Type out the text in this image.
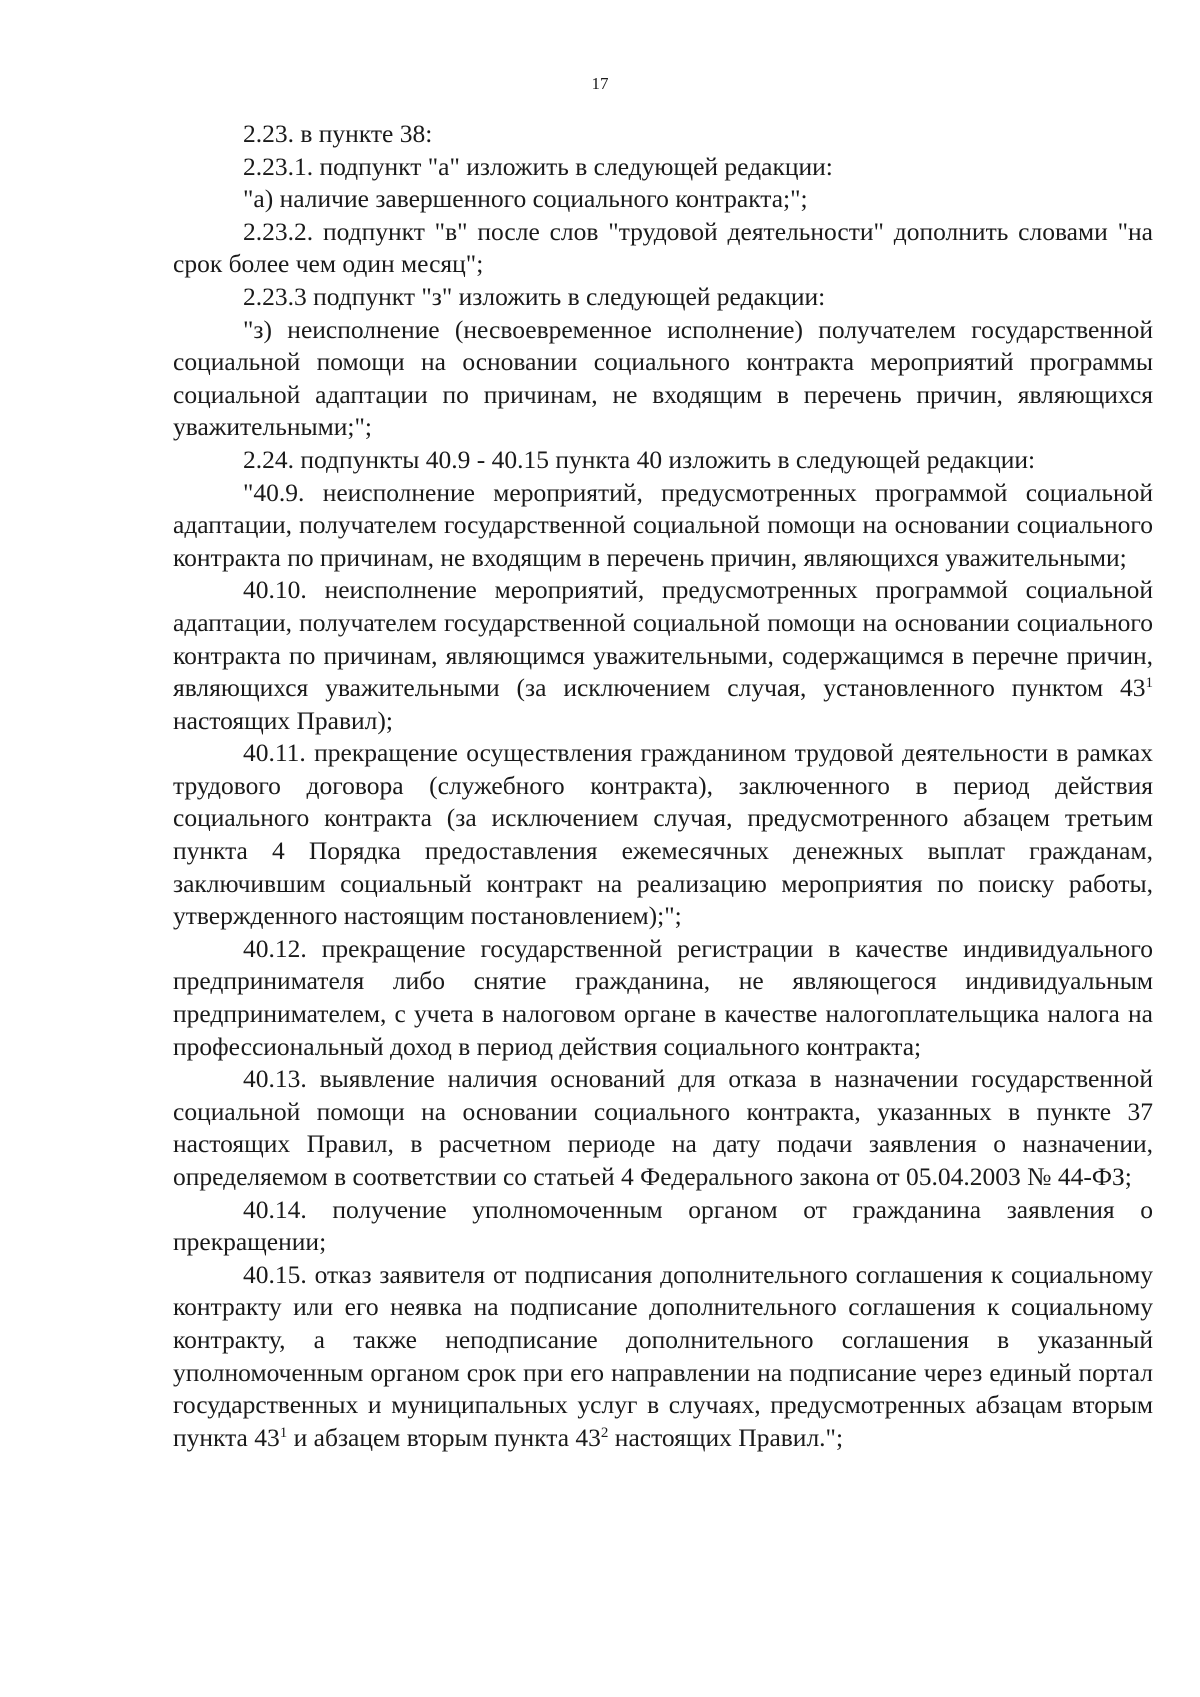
17

2.23. в пункте 38:

2.23.1. подпункт "а" изложить в следующей редакции:

"а) наличие завершенного социального контракта;";

2.23.2. подпункт "в" после слов "трудовой деятельности" дополнить словами "на срок более чем один месяц";

2.23.3 подпункт "з" изложить в следующей редакции:

"з) неисполнение (несвоевременное исполнение) получателем государственной социальной помощи на основании социального контракта мероприятий программы социальной адаптации по причинам, не входящим в перечень причин, являющихся уважительными;";

2.24. подпункты 40.9 - 40.15 пункта 40 изложить в следующей редакции:

"40.9. неисполнение мероприятий, предусмотренных программой социальной адаптации, получателем государственной социальной помощи на основании социального контракта по причинам, не входящим в перечень причин, являющихся уважительными;

40.10. неисполнение мероприятий, предусмотренных программой социальной адаптации, получателем государственной социальной помощи на основании социального контракта по причинам, являющимся уважительными, содержащимся в перечне причин, являющихся уважительными (за исключением случая, установленного пунктом $43^1$ настоящих Правил);

40.11. прекращение осуществления гражданином трудовой деятельности в рамках трудового договора (служебного контракта), заключенного в период действия социального контракта (за исключением случая, предусмотренного абзацем третьим пункта 4 Порядка предоставления ежемесячных денежных выплат гражданам, заключившим социальный контракт на реализацию мероприятия по поиску работы, утвержденного настоящим постановлением);";

40.12. прекращение государственной регистрации в качестве индивидуального предпринимателя либо снятие гражданина, не являющегося индивидуальным предпринимателем, с учета в налоговом органе в качестве налогоплательщика налога на профессиональный доход в период действия социального контракта;

40.13. выявление наличия оснований для отказа в назначении государственной социальной помощи на основании социального контракта, указанных в пункте 37 настоящих Правил, в расчетном периоде на дату подачи заявления о назначении, определяемом в соответствии со статьей 4 Федерального закона от 05.04.2003 № 44-ФЗ;

40.14. получение уполномоченным органом от гражданина заявления о прекращении;

40.15. отказ заявителя от подписания дополнительного соглашения к социальному контракту или его неявка на подписание дополнительного соглашения к социальному контракту, а также неподписание дополнительного соглашения в указанный уполномоченным органом срок при его направлении на подписание через единый портал государственных и муниципальных услуг в случаях, предусмотренных абзацам вторым пункта $43^1$ и абзацем вторым пункта $43^2$ настоящих Правил.";
